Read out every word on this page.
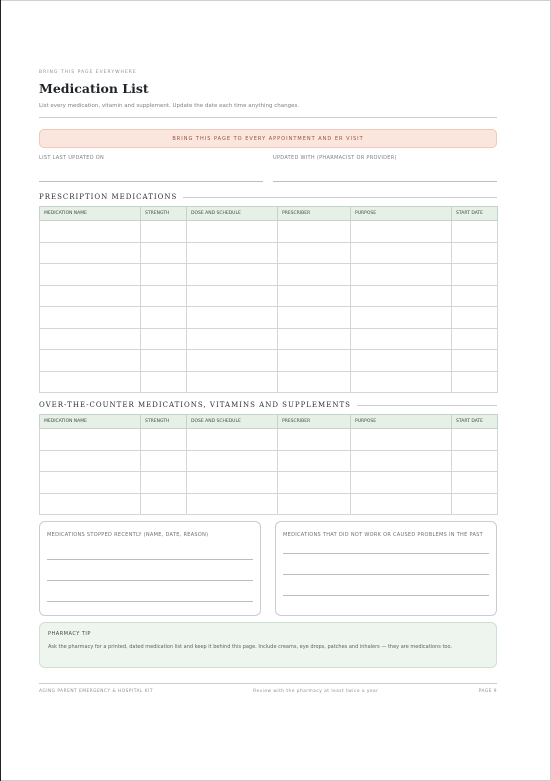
BRING THIS PAGE EVERYWHERE
Medication List
List every medication, vitamin and supplement. Update the date each time anything changes.
BRING THIS PAGE TO EVERY APPOINTMENT AND ER VISIT
LIST LAST UPDATED ON	UPDATED WITH (PHARMACIST OR PROVIDER)
PRESCRIPTION MEDICATIONS
MEDICATION NAME	STRENGTH	DOSE AND SCHEDULE	PRESCRIBER	PURPOSE	START DATE

OVER-THE-COUNTER MEDICATIONS, VITAMINS AND SUPPLEMENTS
MEDICATION NAME	STRENGTH	DOSE AND SCHEDULE	PRESCRIBER	PURPOSE	START DATE

MEDICATIONS STOPPED RECENTLY (NAME, DATE, REASON)	MEDICATIONS THAT DID NOT WORK OR CAUSED PROBLEMS IN THE PAST
PHARMACY TIP
Ask the pharmacy for a printed, dated medication list and keep it behind this page. Include creams, eye drops, patches and inhalers — they are medications too.
AGING PARENT EMERGENCY & HOSPITAL KIT	Review with the pharmacy at least twice a year	PAGE 9
